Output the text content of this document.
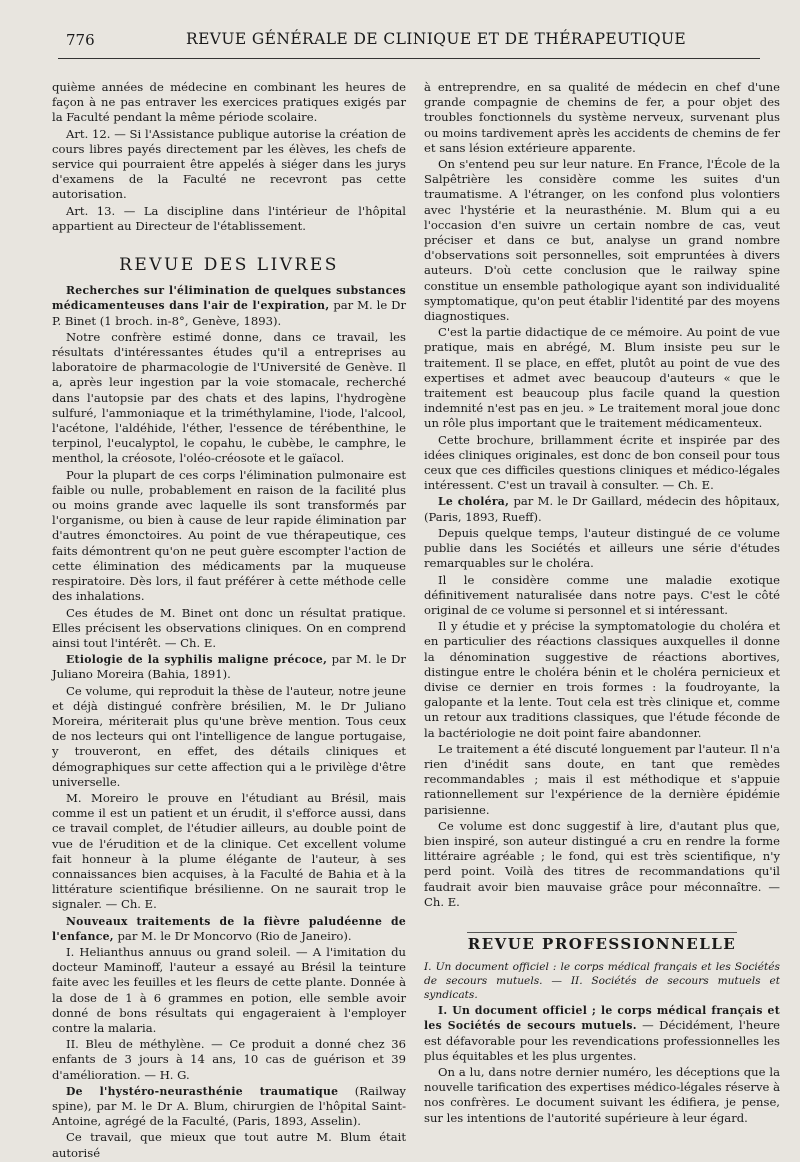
776	REVUE GÉNÉRALE DE CLINIQUE ET DE THÉRAPEUTIQUE

quième années de médecine en combinant les heures de façon à ne pas entraver les exercices pratiques exigés par la Faculté pendant la même période scolaire.

Art. 12. — Si l'Assistance publique autorise la création de cours libres payés directement par les élèves, les chefs de service qui pourraient être appelés à siéger dans les jurys d'examens de la Faculté ne recevront pas cette autorisation.

Art. 13. — La discipline dans l'intérieur de l'hôpital appartient au Directeur de l'établissement.

REVUE DES LIVRES

Recherches sur l'élimination de quelques substances médicamenteuses dans l'air de l'expiration, par M. le Dr P. Binet (1 broch. in-8°, Genève, 1893).

Notre confrère estimé donne, dans ce travail, les résultats d'intéressantes études qu'il a entreprises au laboratoire de pharmacologie de l'Université de Genève. Il a, après leur ingestion par la voie stomacale, recherché dans l'autopsie par des chats et des lapins, l'hydrogène sulfuré, l'ammoniaque et la triméthylamine, l'iode, l'alcool, l'acétone, l'aldéhide, l'éther, l'essence de térébenthine, le terpinol, l'eucalyptol, le copahu, le cubèbe, le camphre, le menthol, la créosote, l'oléo-créosote et le gaïacol.

Pour la plupart de ces corps l'élimination pulmonaire est faible ou nulle, probablement en raison de la facilité plus ou moins grande avec laquelle ils sont transformés par l'organisme, ou bien à cause de leur rapide élimination par d'autres émonctoires. Au point de vue thérapeutique, ces faits démontrent qu'on ne peut guère escompter l'action de cette élimination des médicaments par la muqueuse respiratoire. Dès lors, il faut préférer à cette méthode celle des inhalations.

Ces études de M. Binet ont donc un résultat pratique. Elles précisent les observations cliniques. On en comprend ainsi tout l'intérêt. — Ch. E.

Etiologie de la syphilis maligne précoce, par M. le Dr Juliano Moreira (Bahia, 1891).

Ce volume, qui reproduit la thèse de l'auteur, notre jeune et déjà distingué confrère brésilien, M. le Dr Juliano Moreira, mériterait plus qu'une brève mention. Tous ceux de nos lecteurs qui ont l'intelligence de langue portugaise, y trouveront, en effet, des détails cliniques et démographiques sur cette affection qui a le privilège d'être universelle.

M. Moreiro le prouve en l'étudiant au Brésil, mais comme il est un patient et un érudit, il s'efforce aussi, dans ce travail complet, de l'étudier ailleurs, au double point de vue de l'érudition et de la clinique. Cet excellent volume fait honneur à la plume élégante de l'auteur, à ses connaissances bien acquises, à la Faculté de Bahia et à la littérature scientifique brésilienne. On ne saurait trop le signaler. — Ch. E.

Nouveaux traitements de la fièvre paludéenne de l'enfance, par M. le Dr Moncorvo (Rio de Janeiro).

I. Helianthus annuus ou grand soleil. — A l'imitation du docteur Maminoff, l'auteur a essayé au Brésil la teinture faite avec les feuilles et les fleurs de cette plante. Donnée à la dose de 1 à 6 grammes en potion, elle semble avoir donné de bons résultats qui engageraient à l'employer contre la malaria.

II. Bleu de méthylène. — Ce produit a donné chez 36 enfants de 3 jours à 14 ans, 10 cas de guérison et 39 d'amélioration. — H. G.

De l'hystéro-neurasthénie traumatique (Railway spine), par M. le Dr A. Blum, chirurgien de l'hôpital Saint-Antoine, agrégé de la Faculté, (Paris, 1893, Asselin).

Ce travail, que mieux que tout autre M. Blum était autorisé

à entreprendre, en sa qualité de médecin en chef d'une grande compagnie de chemins de fer, a pour objet des troubles fonctionnels du système nerveux, survenant plus ou moins tardivement après les accidents de chemins de fer et sans lésion extérieure apparente.

On s'entend peu sur leur nature. En France, l'École de la Salpêtrière les considère comme les suites d'un traumatisme. A l'étranger, on les confond plus volontiers avec l'hystérie et la neurasthénie. M. Blum qui a eu l'occasion d'en suivre un certain nombre de cas, veut préciser et dans ce but, analyse un grand nombre d'observations soit personnelles, soit empruntées à divers auteurs. D'où cette conclusion que le railway spine constitue un ensemble pathologique ayant son individualité symptomatique, qu'on peut établir l'identité par des moyens diagnostiques.

C'est la partie didactique de ce mémoire. Au point de vue pratique, mais en abrégé, M. Blum insiste peu sur le traitement. Il se place, en effet, plutôt au point de vue des expertises et admet avec beaucoup d'auteurs « que le traitement est beaucoup plus facile quand la question indemnité n'est pas en jeu. » Le traitement moral joue donc un rôle plus important que le traitement médicamenteux.

Cette brochure, brillamment écrite et inspirée par des idées cliniques originales, est donc de bon conseil pour tous ceux que ces difficiles questions cliniques et médico-légales intéressent. C'est un travail à consulter. — Ch. E.

Le choléra, par M. le Dr Gaillard, médecin des hôpitaux, (Paris, 1893, Rueff).

Depuis quelque temps, l'auteur distingué de ce volume publie dans les Sociétés et ailleurs une série d'études remarquables sur le choléra.

Il le considère comme une maladie exotique définitivement naturalisée dans notre pays. C'est le côté original de ce volume si personnel et si intéressant.

Il y étudie et y précise la symptomatologie du choléra et en particulier des réactions classiques auxquelles il donne la dénomination suggestive de réactions abortives, distingue entre le choléra bénin et le choléra pernicieux et divise ce dernier en trois formes : la foudroyante, la galopante et la lente. Tout cela est très clinique et, comme un retour aux traditions classiques, que l'étude féconde de la bactériologie ne doit point faire abandonner.

Le traitement a été discuté longuement par l'auteur. Il n'a rien d'inédit sans doute, en tant que remèdes recommandables ; mais il est méthodique et s'appuie rationnellement sur l'expérience de la dernière épidémie parisienne.

Ce volume est donc suggestif à lire, d'autant plus que, bien inspiré, son auteur distingué a cru en rendre la forme littéraire agréable ; le fond, qui est très scientifique, n'y perd point. Voilà des titres de recommandations qu'il faudrait avoir bien mauvaise grâce pour méconnaître. — Ch. E.

REVUE PROFESSIONNELLE

I. Un document officiel : le corps médical français et les Sociétés de secours mutuels. — II. Sociétés de secours mutuels et syndicats.

I. Un document officiel ; le corps médical français et les Sociétés de secours mutuels. — Décidément, l'heure est défavorable pour les revendications professionnelles les plus équitables et les plus urgentes.

On a lu, dans notre dernier numéro, les déceptions que la nouvelle tarification des expertises médico-légales réserve à nos confrères. Le document suivant les édifiera, je pense, sur les intentions de l'autorité supérieure à leur égard.
